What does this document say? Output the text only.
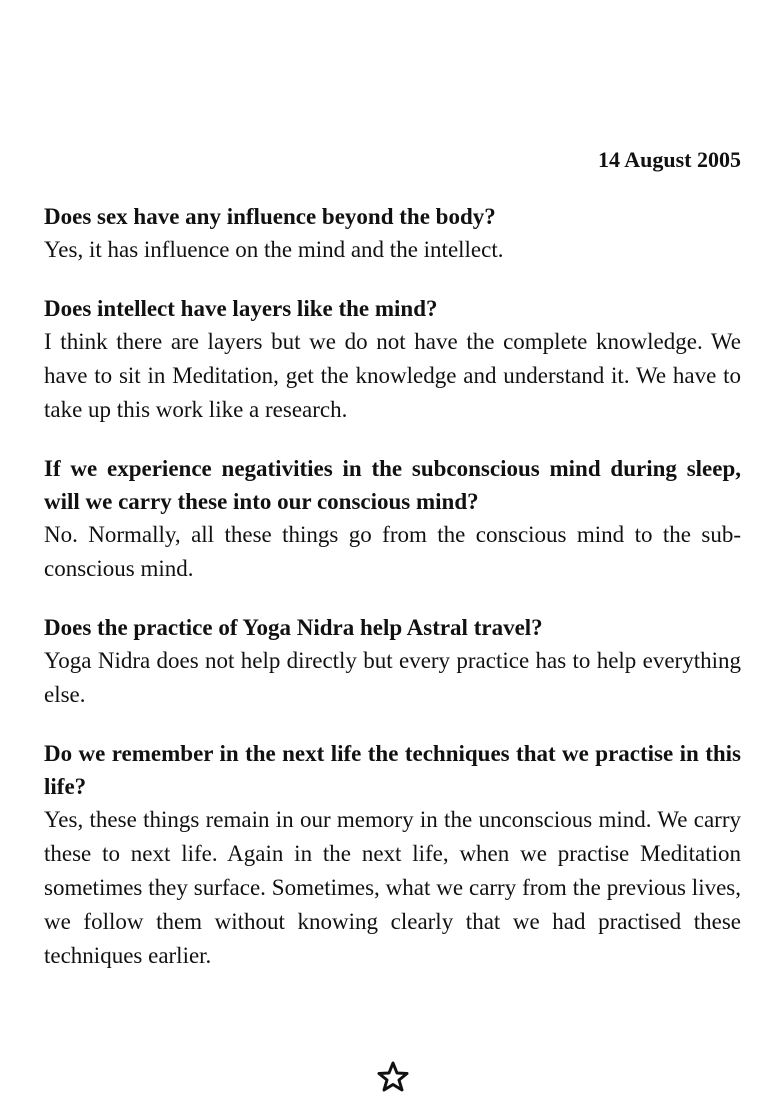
14 August 2005
Does sex have any influence beyond the body?
Yes, it has influence on the mind and the intellect.
Does intellect have layers like the mind?
I think there are layers but we do not have the complete knowledge. We have to sit in Meditation, get the knowledge and understand it. We have to take up this work like a research.
If we experience negativities in the subconscious mind during sleep, will we carry these into our conscious mind?
No. Normally, all these things go from the conscious mind to the sub-conscious mind.
Does the practice of Yoga Nidra help Astral travel?
Yoga Nidra does not help directly but every practice has to help everything else.
Do we remember in the next life the techniques that we practise in this life?
Yes, these things remain in our memory in the unconscious mind. We carry these to next life. Again in the next life, when we practise Meditation sometimes they surface. Sometimes, what we carry from the previous lives, we follow them without knowing clearly that we had practised these techniques earlier.
